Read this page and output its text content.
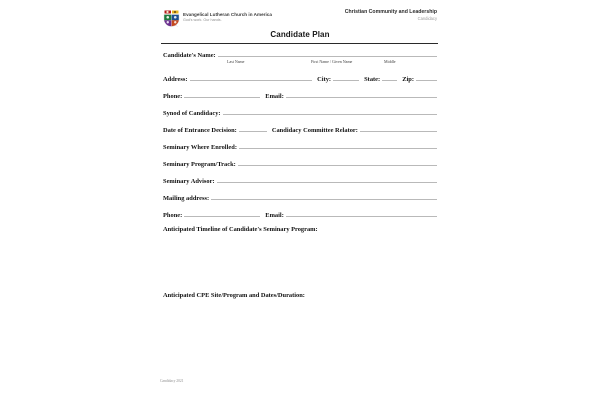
Evangelical Lutheran Church in America
God's work. Our hands.
Christian Community and Leadership
Candidacy
Candidate Plan
Candidate's Name:
Last Name	First Name / Given Name	Middle
Address:	City:	State:	Zip:
Phone:	Email:
Synod of Candidacy:
Date of Entrance Decision:	Candidacy Committee Relator:
Seminary Where Enrolled:
Seminary Program/Track:
Seminary Advisor:
Mailing address:
Phone:	Email:
Anticipated Timeline of Candidate's Seminary Program:
Anticipated CPE Site/Program and Dates/Duration:
Candidacy 2021
